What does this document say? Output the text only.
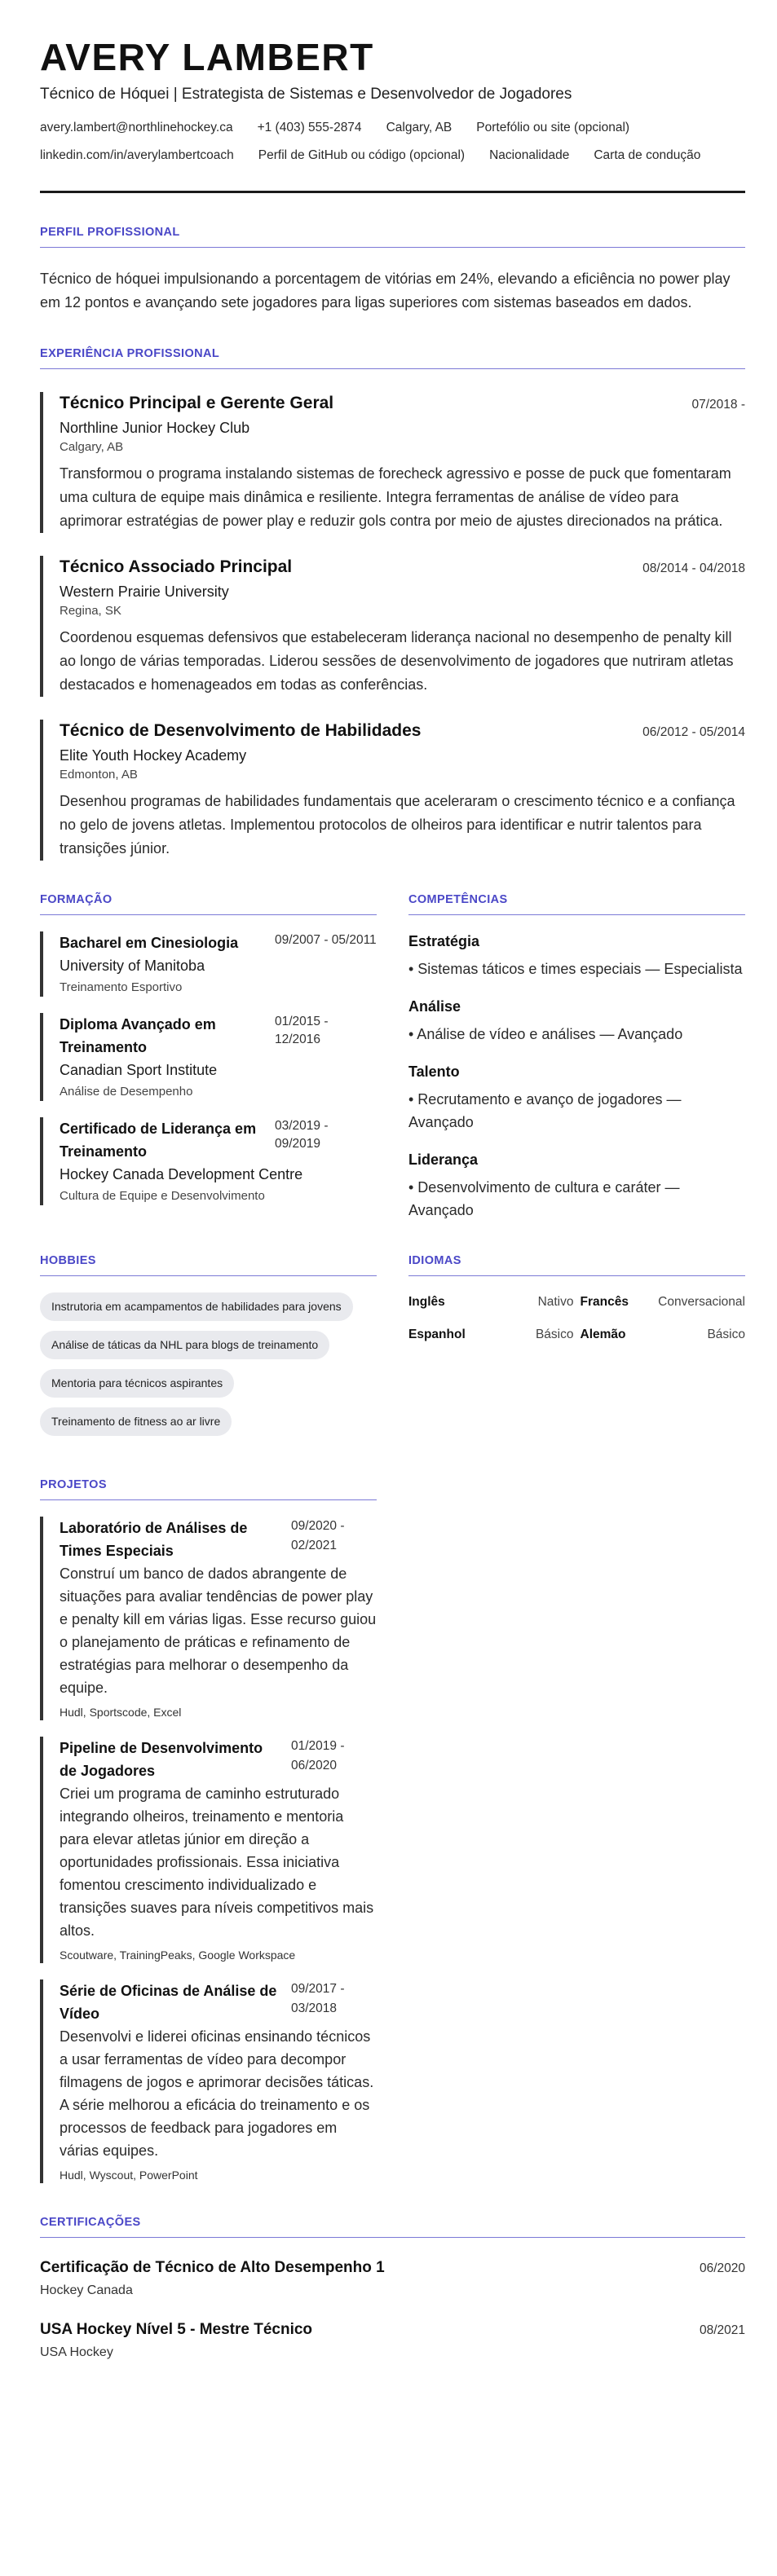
AVERY LAMBERT
Técnico de Hóquei | Estrategista de Sistemas e Desenvolvedor de Jogadores
avery.lambert@northlinehockey.ca +1 (403) 555-2874 Calgary, AB Portefólio ou site (opcional)
linkedin.com/in/averylambertcoach Perfil de GitHub ou código (opcional) Nacionalidade Carta de condução
PERFIL PROFISSIONAL

Técnico de hóquei impulsionando a porcentagem de vitórias em 24%, elevando a eficiência no power play em 12 pontos e avançando sete jogadores para ligas superiores com sistemas baseados em dados.

EXPERIÊNCIA PROFISSIONAL
Técnico Principal e Gerente Geral	07/2018 -
Northline Junior Hockey Club
Calgary, AB

Transformou o programa instalando sistemas de forecheck agressivo e posse de puck que fomentaram uma cultura de equipe mais dinâmica e resiliente. Integra ferramentas de análise de vídeo para aprimorar estratégias de power play e reduzir gols contra por meio de ajustes direcionados na prática.

Técnico Associado Principal	08/2014 - 04/2018
Western Prairie University
Regina, SK

Coordenou esquemas defensivos que estabeleceram liderança nacional no desempenho de penalty kill ao longo de várias temporadas. Liderou sessões de desenvolvimento de jogadores que nutriram atletas destacados e homenageados em todas as conferências.

Técnico de Desenvolvimento de Habilidades	06/2012 - 05/2014
Elite Youth Hockey Academy
Edmonton, AB

Desenhou programas de habilidades fundamentais que aceleraram o crescimento técnico e a confiança no gelo de jovens atletas. Implementou protocolos de olheiros para identificar e nutrir talentos para transições júnior.

FORMAÇÃO
Bacharel em Cinesiologia	09/2007 - 05/2011
University of Manitoba
Treinamento Esportivo
Diploma Avançado em Treinamento
01/2015 - 12/2016
Canadian Sport Institute
Análise de Desempenho
Certificado de Liderança em Treinamento
03/2019 - 09/2019
Hockey Canada Development Centre
Cultura de Equipe e Desenvolvimento
COMPETÊNCIAS
Estratégia
• Sistemas táticos e times especiais — Especialista
Análise
• Análise de vídeo e análises — Avançado
Talento
• Recrutamento e avanço de jogadores — Avançado
Liderança
• Desenvolvimento de cultura e caráter — Avançado
HOBBIES
Instrutoria em acampamentos de habilidades para jovens
Análise de táticas da NHL para blogs de treinamento
Mentoria para técnicos aspirantes
Treinamento de fitness ao ar livre
IDIOMAS
Inglês	Nativo Francês Conversacional
Espanhol	Básico Alemão	Básico
PROJETOS
Laboratório de Análises de Times Especiais
09/2020 - 02/2021

Construí um banco de dados abrangente de situações para avaliar tendências de power play e penalty kill em várias ligas. Esse recurso guiou o planejamento de práticas e refinamento de estratégias para melhorar o desempenho da equipe.

Hudl, Sportscode, Excel
Pipeline de Desenvolvimento de Jogadores
01/2019 - 06/2020

Criei um programa de caminho estruturado integrando olheiros, treinamento e mentoria para elevar atletas júnior em direção a oportunidades profissionais. Essa iniciativa fomentou crescimento individualizado e transições suaves para níveis competitivos mais altos.

Scoutware, TrainingPeaks, Google Workspace
Série de Oficinas de Análise de Vídeo
09/2017 - 03/2018

Desenvolvi e liderei oficinas ensinando técnicos a usar ferramentas de vídeo para decompor filmagens de jogos e aprimorar decisões táticas. A série melhorou a eficácia do treinamento e os processos de feedback para jogadores em várias equipes.

Hudl, Wyscout, PowerPoint
CERTIFICAÇÕES
Certificação de Técnico de Alto Desempenho 1	06/2020
Hockey Canada
USA Hockey Nível 5 - Mestre Técnico	08/2021
USA Hockey
